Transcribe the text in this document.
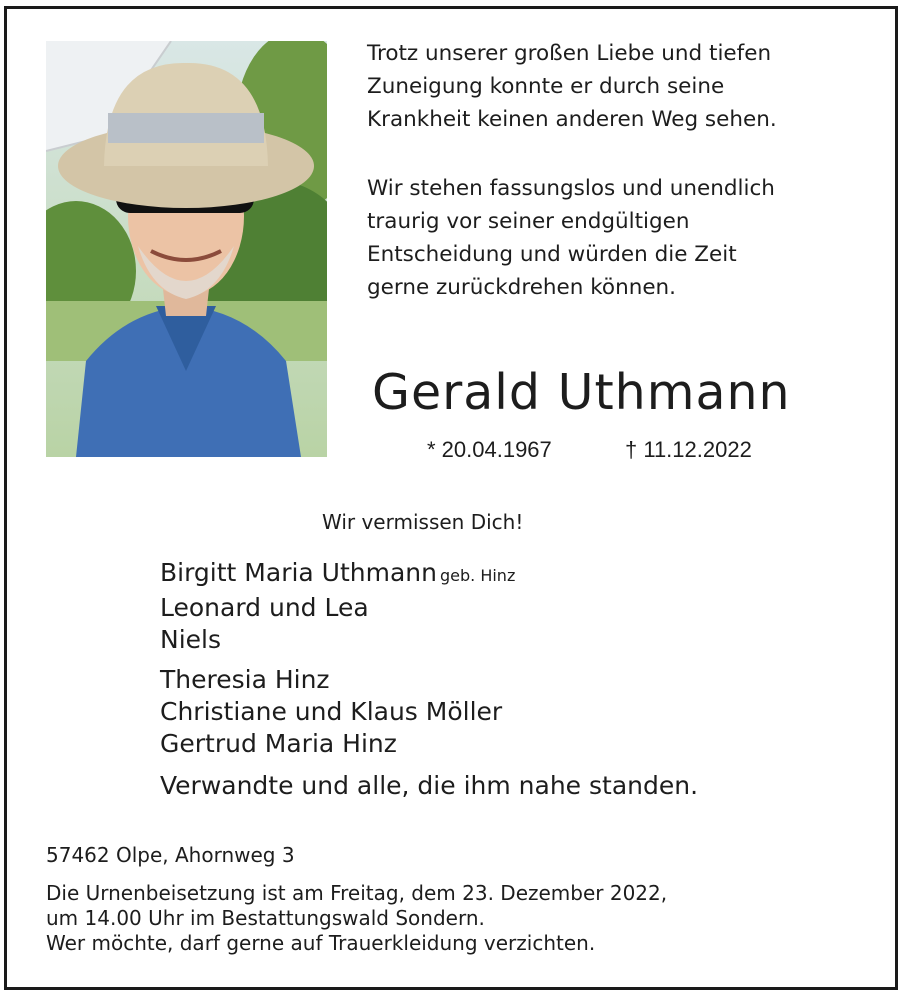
Trotz unserer großen Liebe und tiefen
Zuneigung konnte er durch seine
Krankheit keinen anderen Weg sehen.

Wir stehen fassungslos und unendlich
traurig vor seiner endgültigen
Entscheidung und würden die Zeit
gerne zurückdrehen können.

Gerald Uthmann
* 20.04.1967	† 11.12.2022
Wir vermissen Dich!
Birgitt Maria Uthmann geb. Hinz
Leonard und Lea
Niels
Theresia Hinz
Christiane und Klaus Möller
Gertrud Maria Hinz
Verwandte und alle, die ihm nahe standen.
57462 Olpe, Ahornweg 3

Die Urnenbeisetzung ist am Freitag, dem 23. Dezember 2022,
um 14.00 Uhr im Bestattungswald Sondern.
Wer möchte, darf gerne auf Trauerkleidung verzichten.
